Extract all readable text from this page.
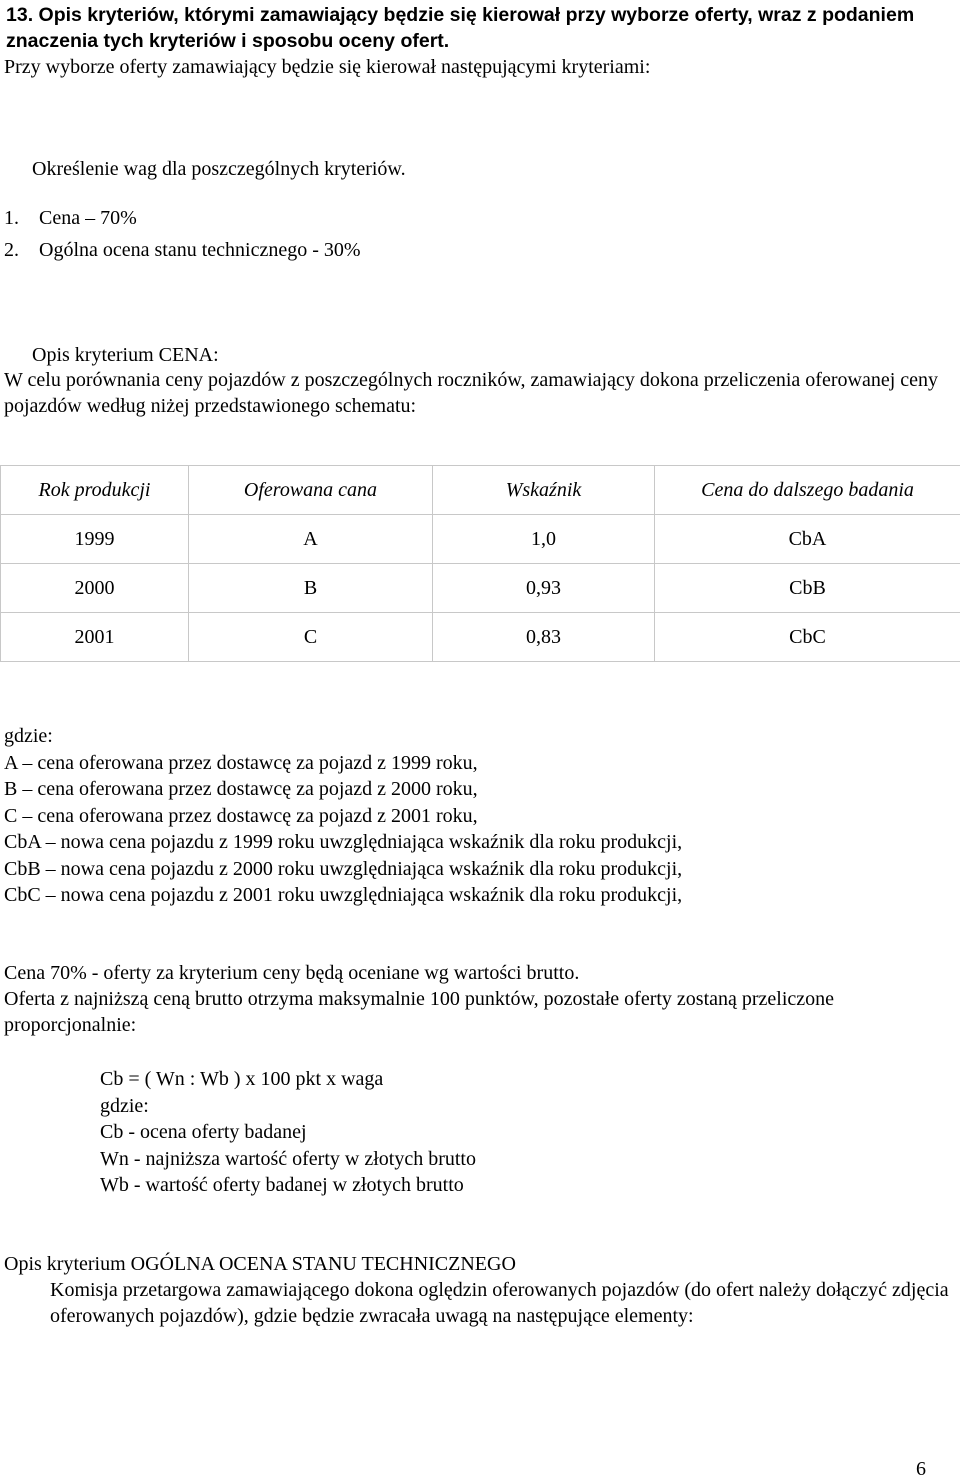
13. Opis kryteriów, którymi zamawiający będzie się kierował przy wyborze oferty, wraz z podaniem znaczenia tych kryteriów i sposobu oceny ofert.
Przy wyborze oferty zamawiający będzie się kierował następującymi kryteriami:
Określenie wag dla poszczególnych kryteriów.
1. Cena – 70%
2. Ogólna ocena stanu technicznego - 30%
Opis kryterium CENA:
W celu porównania ceny pojazdów z poszczególnych roczników, zamawiający dokona przeliczenia oferowanej ceny pojazdów według niżej przedstawionego schematu:
Rok produkcji	Oferowana cana	Wskaźnik	Cena do dalszego badania
1999	A	1,0	CbA
2000	B	0,93	CbB
2001	C	0,83	CbC
gdzie:
A – cena oferowana przez dostawcę za pojazd z 1999 roku,
B – cena oferowana przez dostawcę za pojazd z 2000 roku,
C – cena oferowana przez dostawcę za pojazd z 2001 roku,
CbA – nowa cena pojazdu z 1999 roku uwzględniająca wskaźnik dla roku produkcji,
CbB – nowa cena pojazdu z 2000 roku uwzględniająca wskaźnik dla roku produkcji,
CbC – nowa cena pojazdu z 2001 roku uwzględniająca wskaźnik dla roku produkcji,
Cena 70% - oferty za kryterium ceny będą oceniane wg wartości brutto.
Oferta z najniższą ceną brutto otrzyma maksymalnie 100 punktów, pozostałe oferty zostaną przeliczone proporcjonalnie:
Cb = ( Wn : Wb ) x 100 pkt x waga
gdzie:
Cb - ocena oferty badanej
Wn - najniższa wartość oferty w złotych brutto
Wb - wartość oferty badanej w złotych brutto
Opis kryterium OGÓLNA OCENA STANU TECHNICZNEGO
Komisja przetargowa zamawiającego dokona oględzin oferowanych pojazdów (do ofert należy dołączyć zdjęcia oferowanych pojazdów), gdzie będzie zwracała uwagą na następujące elementy:
6
